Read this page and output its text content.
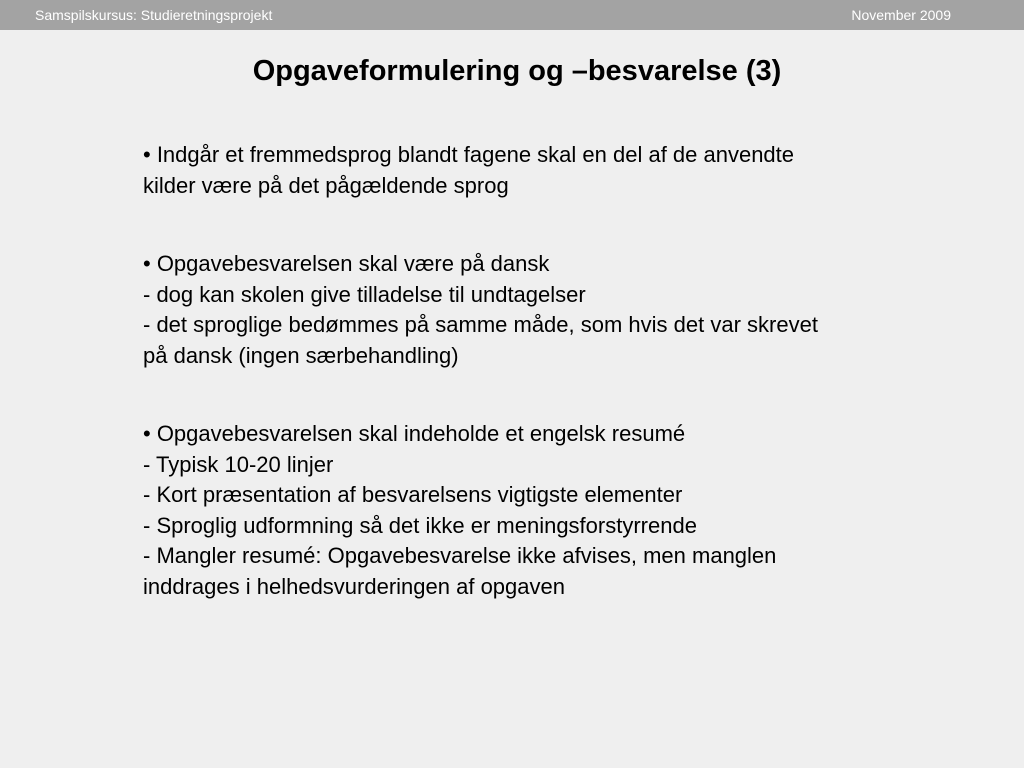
Samspilskursus: Studieretningsprojekt	November 2009
Opgaveformulering og –besvarelse (3)
• Indgår et fremmedsprog blandt fagene skal en del af de anvendte
kilder være på det pågældende sprog
• Opgavebesvarelsen skal være på dansk
- dog kan skolen give tilladelse til undtagelser
- det sproglige bedømmes på samme måde, som hvis det var skrevet
på dansk (ingen særbehandling)
• Opgavebesvarelsen skal indeholde et engelsk resumé
- Typisk 10-20 linjer
- Kort præsentation af besvarelsens vigtigste elementer
- Sproglig udformning så det ikke er meningsforstyrrende
- Mangler resumé: Opgavebesvarelse ikke afvises, men manglen
inddrages i helhedsvurderingen af opgaven
